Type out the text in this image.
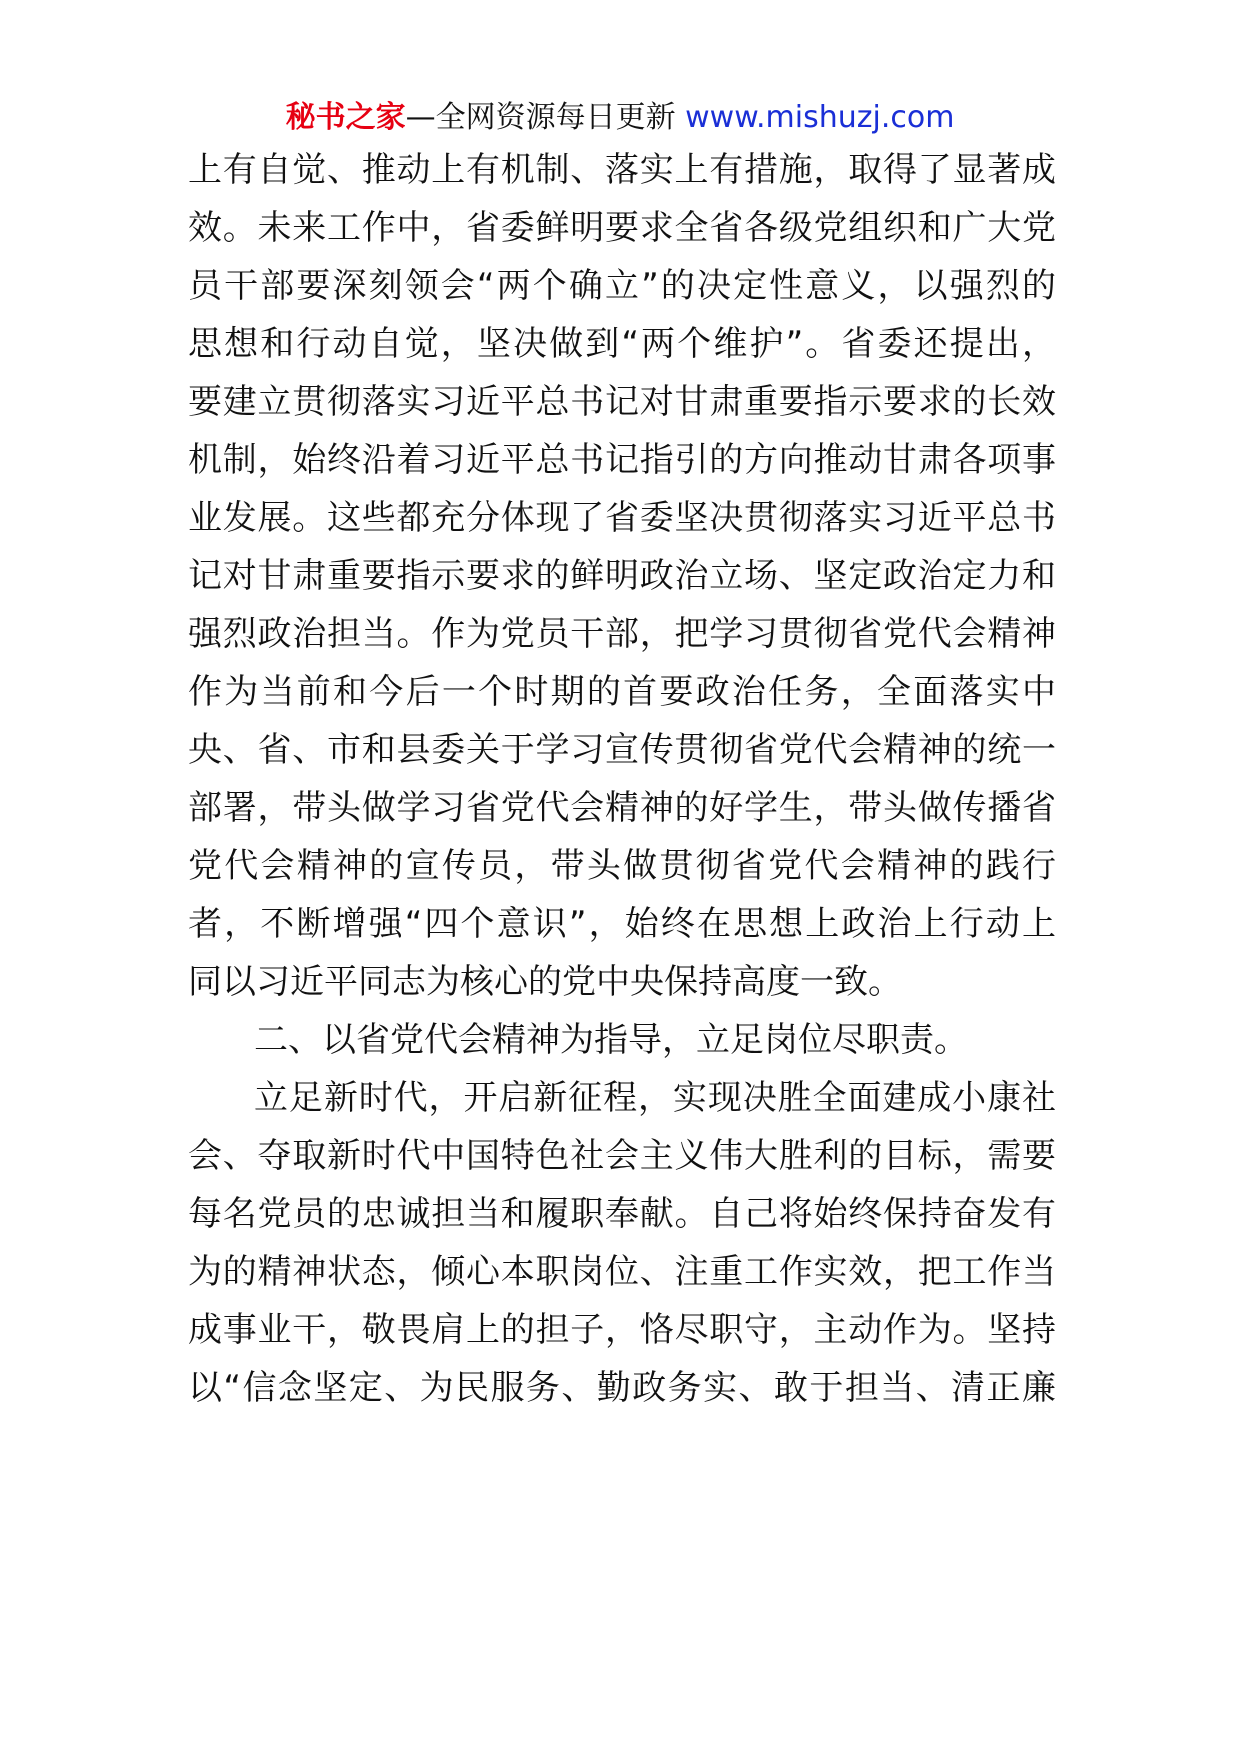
秘书之家—全网资源每日更新 www.mishuzj.com
上有自觉、推动上有机制、落实上有措施，取得了显著成
效。未来工作中，省委鲜明要求全省各级党组织和广大党
员干部要深刻领会“两个确立”的决定性意义，以强烈的
思想和行动自觉，坚决做到“两个维护”。省委还提出，
要建立贯彻落实习近平总书记对甘肃重要指示要求的长效
机制，始终沿着习近平总书记指引的方向推动甘肃各项事
业发展。这些都充分体现了省委坚决贯彻落实习近平总书
记对甘肃重要指示要求的鲜明政治立场、坚定政治定力和
强烈政治担当。作为党员干部，把学习贯彻省党代会精神
作为当前和今后一个时期的首要政治任务，全面落实中
央、省、市和县委关于学习宣传贯彻省党代会精神的统一
部署，带头做学习省党代会精神的好学生，带头做传播省
党代会精神的宣传员，带头做贯彻省党代会精神的践行
者，不断增强“四个意识”，始终在思想上政治上行动上
同以习近平同志为核心的党中央保持高度一致。
二、以省党代会精神为指导，立足岗位尽职责。
立足新时代，开启新征程，实现决胜全面建成小康社
会、夺取新时代中国特色社会主义伟大胜利的目标，需要
每名党员的忠诚担当和履职奉献。自己将始终保持奋发有
为的精神状态，倾心本职岗位、注重工作实效，把工作当
成事业干，敬畏肩上的担子，恪尽职守，主动作为。坚持
以“信念坚定、为民服务、勤政务实、敢于担当、清正廉
